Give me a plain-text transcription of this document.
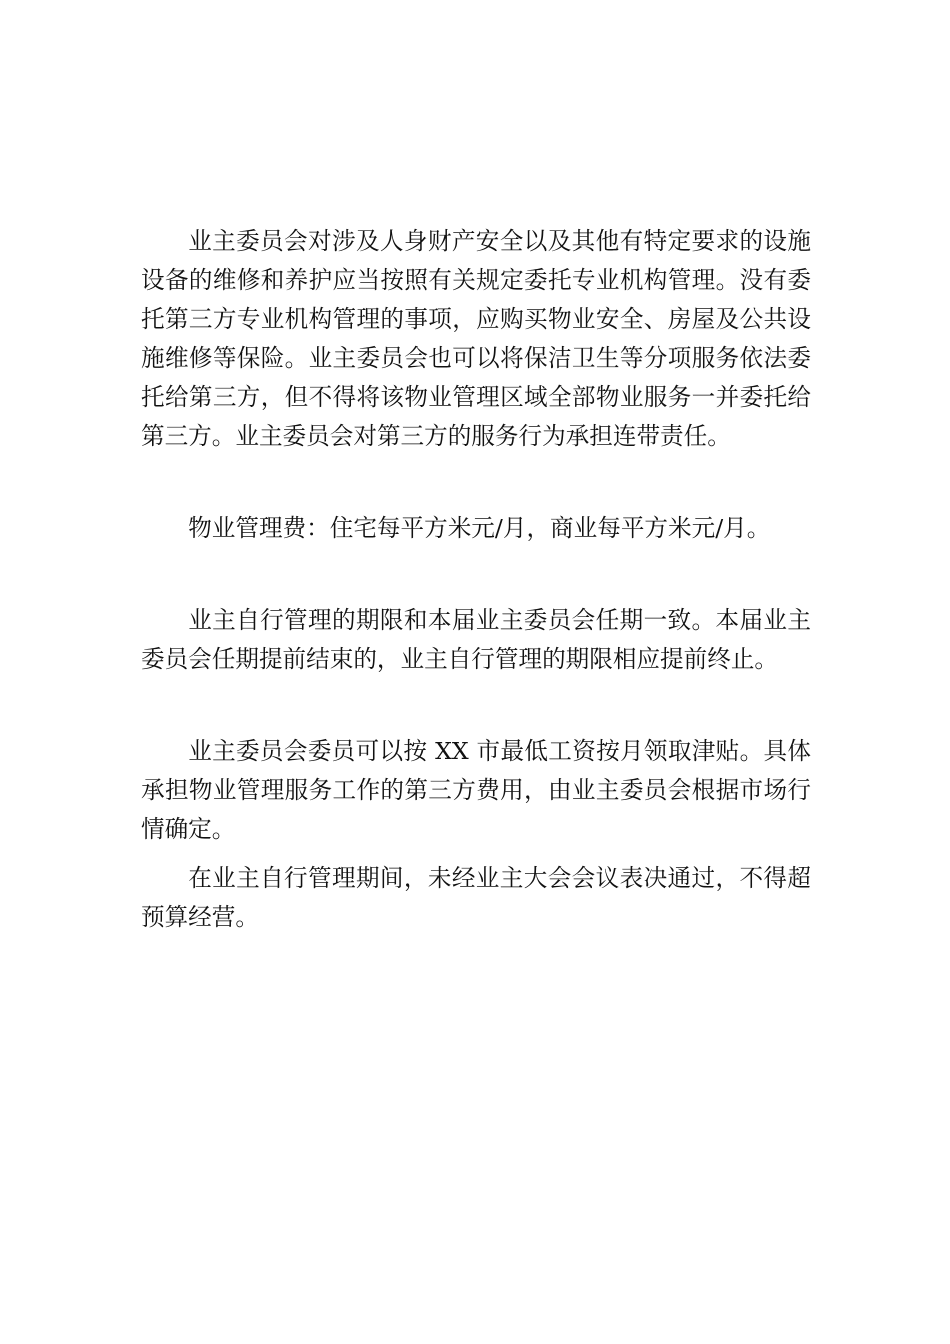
业主委员会对涉及人身财产安全以及其他有特定要求的设施设备的维修和养护应当按照有关规定委托专业机构管理。没有委托第三方专业机构管理的事项，应购买物业安全、房屋及公共设施维修等保险。业主委员会也可以将保洁卫生等分项服务依法委托给第三方，但不得将该物业管理区域全部物业服务一并委托给第三方。业主委员会对第三方的服务行为承担连带责任。

物业管理费：住宅每平方米元/月，商业每平方米元/月。

业主自行管理的期限和本届业主委员会任期一致。本届业主委员会任期提前结束的，业主自行管理的期限相应提前终止。

业主委员会委员可以按 XX 市最低工资按月领取津贴。具体承担物业管理服务工作的第三方费用，由业主委员会根据市场行情确定。

在业主自行管理期间，未经业主大会会议表决通过，不得超预算经营。
